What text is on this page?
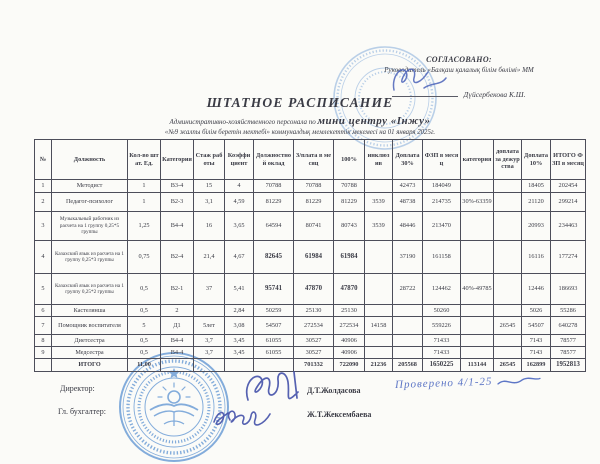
СОГЛАСОВАНО:
Руководитель «Балқаш қалалық білім бөлімі» ММ
Дүйсербекова К.Ш.
ШТАТНОЕ РАСПИСАНИЕ
Административно-хозяйственного персонала по мини центру «Інжу»
«№9 жалпы білім беретін мектебі» коммуналдық мемлекеттік мекемесі на 01 января 2025г.
№	Должность	Кол-во штат. Ед.	Категория	Стаж работы	Коэффициент	Должностной оклад	З/плата в месяц	100%	инклюзив	Доплата 30%	ФЗП в месяц	категория	доплата за дежурства	Доплата 10%	ИТОГО ФЗП в месяц
1	Методист	1	В3-4	15	4	70788	70788	70788		42473	184049			18405	202454
2	Педагог-психолог	1	В2-3	3,1	4,59	81229	81229	81229	3539	48738	214735	30%-63359		21120	299214
3	Музыкальный работник из расчета на 1 группу 0,25*5 группы	1,25	В4-4	16	3,65	64594	80741	80743	3539	48446	213470			20993	234463
4	Казахский язык из расчета на 1 группу 0,25*3 группы	0,75	В2-4	21,4	4,67	82645	61984	61984		37190	161158			16116	177274
5	Казахский язык из расчета на 1 группу 0,25*2 группы	0,5	В2-1	37	5,41	95741	47870	47870		28722	124462	40%-49785		12446	186693
6	Кастелянша	0,5	2		2,84	50259	25130	25130			50260			5026	55286
7	Помощник воспитателя	5	Д1	5лет	3,08	54507	272534	272534	14158		559226		26545	54507	640278
8	Диетсестра	0,5	В4-4	3,7	3,45	61055	30527	40906			71433			7143	78577
9	Медсестра	0,5	В4-4	3,7	3,45	61055	30527	40906			71433			7143	78577
	ИТОГО	11,00					701332	722090	21236	205568	1650225	113144	26545	162899	1952813
Проверено 4/1-25
Директор:	Д.Т.Жолдасова
Гл. бухгалтер:	Ж.Т.Жексембаева
